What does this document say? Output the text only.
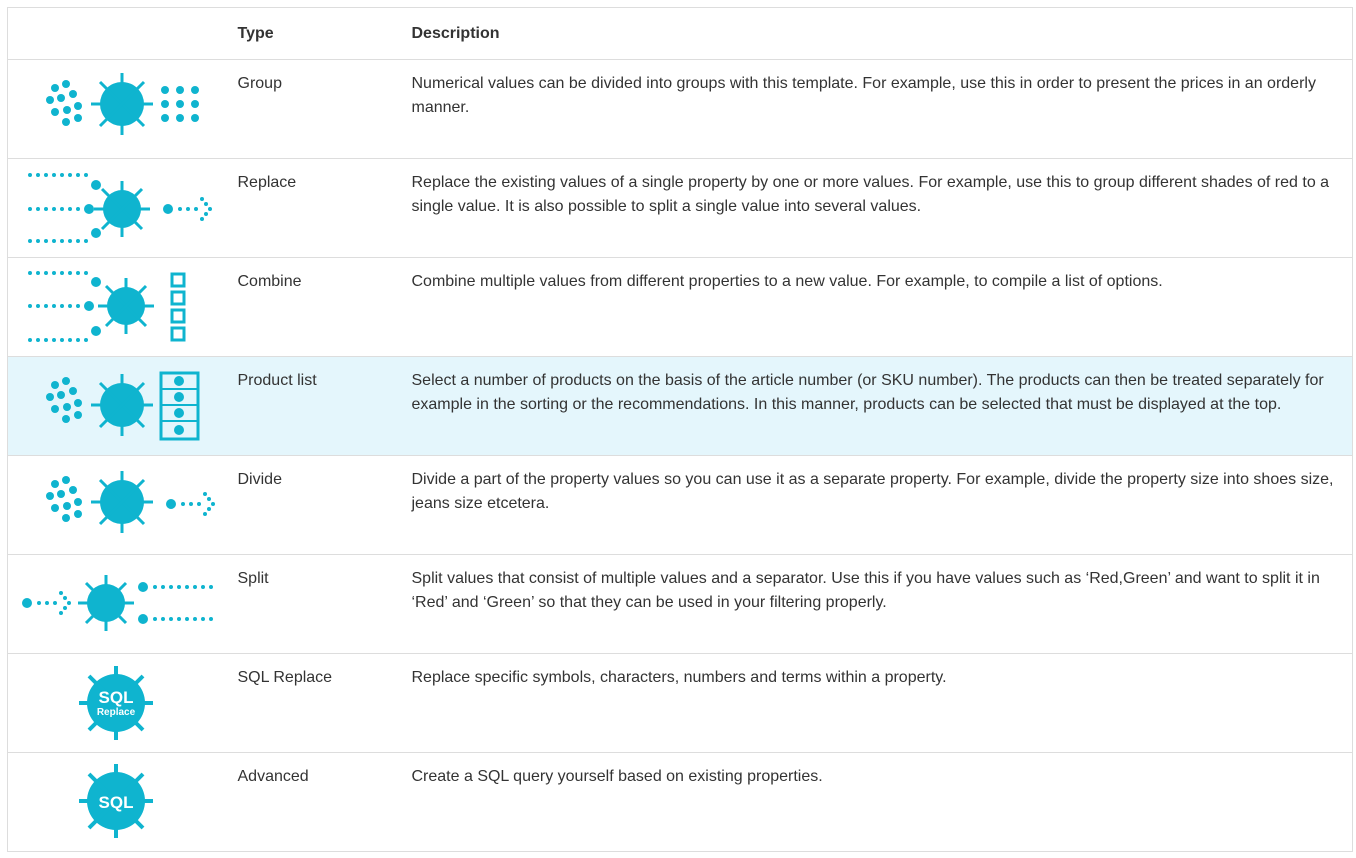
	Type	Description

	Group	Numerical values can be divided into groups with this template. For example, use this in order to present the prices in an orderly manner.

	Replace	Replace the existing values of a single property by one or more values. For example, use this to group different shades of red to a single value. It is also possible to split a single value into several values.

	Combine	Combine multiple values from different properties to a new value. For example, to compile a list of options.

	Product list	Select a number of products on the basis of the article number (or SKU number). The products can then be treated separately for example in the sorting or the recommendations. In this manner, products can be selected that must be displayed at the top.

	Divide	Divide a part of the property values so you can use it as a separate property. For example, divide the property size into shoes size, jeans size etcetera.

	Split	Split values that consist of multiple values and a separator. Use this if you have values such as ‘Red,Green’ and want to split it in ‘Red’ and ‘Green’ so that they can be used in your filtering properly.

SQL
Replace	SQL Replace	Replace specific symbols, characters, numbers and terms within a property.

SQL	Advanced	Create a SQL query yourself based on existing properties.
